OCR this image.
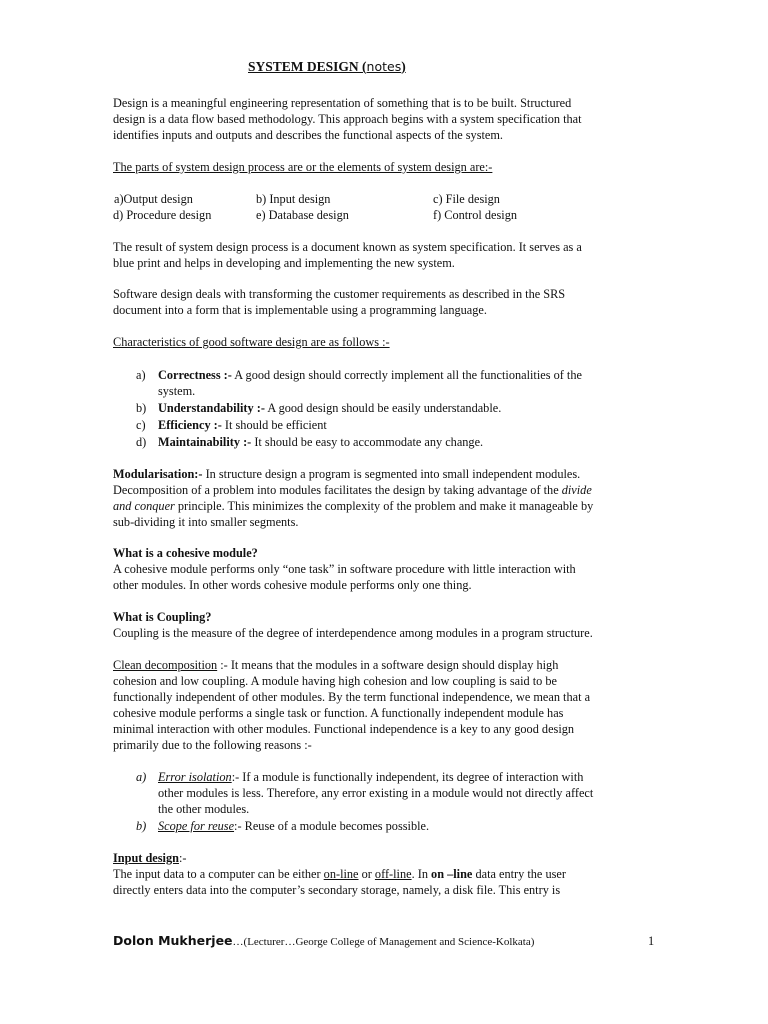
SYSTEM DESIGN (notes)
Design is a meaningful engineering representation of something that is to be built. Structured
design is a data flow based methodology. This approach begins with a system specification that
identifies inputs and outputs and describes the functional aspects of the system.
The parts of system design process are or the elements of system design are:-
a)Output design	b) Input design	c) File design
d) Procedure design	e) Database design	f) Control design
The result of system design process is a document known as system specification. It serves as a
blue print and helps in developing and implementing the new system.
Software design deals with transforming the customer requirements as described in the SRS
document into a form that is implementable using a programming language.
Characteristics of good software design are as follows :-
a) Correctness :- A good design should correctly implement all the functionalities of the
system.
b) Understandability :- A good design should be easily understandable.
c) Efficiency :- It should be efficient
d) Maintainability :- It should be easy to accommodate any change.
Modularisation:- In structure design a program is segmented into small independent modules.
Decomposition of a problem into modules facilitates the design by taking advantage of the divide
and conquer principle. This minimizes the complexity of the problem and make it manageable by
sub-dividing it into smaller segments.
What is a cohesive module?
A cohesive module performs only “one task” in software procedure with little interaction with
other modules. In other words cohesive module performs only one thing.
What is Coupling?
Coupling is the measure of the degree of interdependence among modules in a program structure.
Clean decomposition :- It means that the modules in a software design should display high
cohesion and low coupling. A module having high cohesion and low coupling is said to be
functionally independent of other modules. By the term functional independence, we mean that a
cohesive module performs a single task or function. A functionally independent module has
minimal interaction with other modules. Functional independence is a key to any good design
primarily due to the following reasons :-
a) Error isolation:- If a module is functionally independent, its degree of interaction with
other modules is less. Therefore, any error existing in a module would not directly affect
the other modules.
b) Scope for reuse:- Reuse of a module becomes possible.
Input design:-
The input data to a computer can be either on-line or off-line. In on –line data entry the user
directly enters data into the computer’s secondary storage, namely, a disk file. This entry is
Dolon Mukherjee…(Lecturer…George College of Management and Science-Kolkata)	1
